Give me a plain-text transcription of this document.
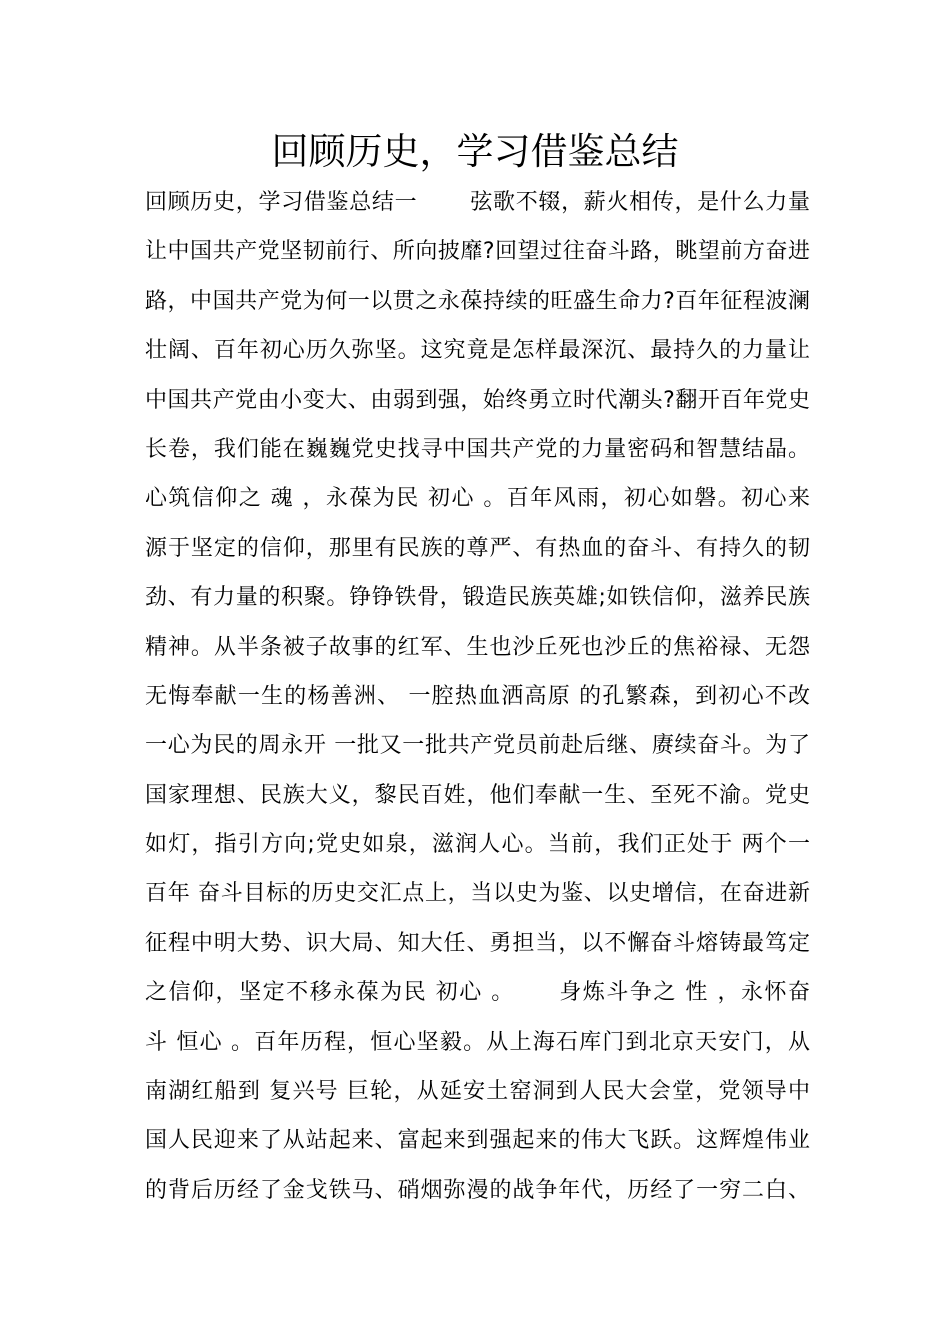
回顾历史，学习借鉴总结
回顾历史，学习借鉴总结一　　 弦歌不辍，薪火相传，是什么力量
让中国共产党坚韧前行、所向披靡?回望过往奋斗路，眺望前方奋进
路，中国共产党为何一以贯之永葆持续的旺盛生命力?百年征程波澜
壮阔、百年初心历久弥坚。这究竟是怎样最深沉、最持久的力量让
中国共产党由小变大、由弱到强，始终勇立时代潮头?翻开百年党史
长卷，我们能在巍巍党史找寻中国共产党的力量密码和智慧结晶。
心筑信仰之 魂 ，永葆为民 初心 。百年风雨，初心如磐。初心来
源于坚定的信仰，那里有民族的尊严、有热血的奋斗、有持久的韧
劲、有力量的积聚。铮铮铁骨，锻造民族英雄;如铁信仰，滋养民族
精神。从半条被子故事的红军、生也沙丘死也沙丘的焦裕禄、无怨
无悔奉献一生的杨善洲、 一腔热血洒高原 的孔繁森，到初心不改
一心为民的周永开 一批又一批共产党员前赴后继、赓续奋斗。为了
国家理想、民族大义，黎民百姓，他们奉献一生、至死不渝。党史
如灯，指引方向;党史如泉，滋润人心。当前，我们正处于 两个一
百年 奋斗目标的历史交汇点上，当以史为鉴、以史增信，在奋进新
征程中明大势、识大局、知大任、勇担当，以不懈奋斗熔铸最笃定
之信仰，坚定不移永葆为民 初心 。　　 身炼斗争之 性 ，永怀奋
斗 恒心 。百年历程，恒心坚毅。从上海石库门到北京天安门，从
南湖红船到 复兴号 巨轮，从延安土窑洞到人民大会堂，党领导中
国人民迎来了从站起来、富起来到强起来的伟大飞跃。这辉煌伟业
的背后历经了金戈铁马、硝烟弥漫的战争年代，历经了一穷二白、
